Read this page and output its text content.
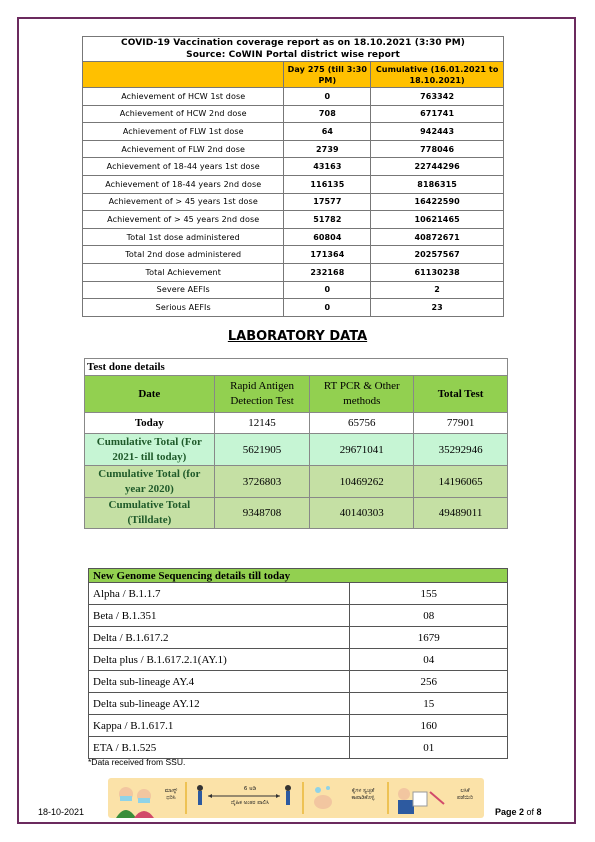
COVID-19 Vaccination coverage report as on 18.10.2021 (3:30 PM)
Source: CoWIN Portal district wise report		

	Day 275 (till 3:30 PM)	Cumulative (16.01.2021 to 18.10.2021)
Achievement of HCW 1st dose	0	763342
Achievement of HCW 2nd dose	708	671741
Achievement of FLW 1st dose	64	942443
Achievement of FLW 2nd dose	2739	778046
Achievement of 18-44 years 1st dose	43163	22744296
Achievement of 18-44 years 2nd dose	116135	8186315
Achievement of > 45 years 1st dose	17577	16422590
Achievement of > 45 years 2nd dose	51782	10621465
Total 1st dose administered	60804	40872671
Total 2nd dose administered	171364	20257567
Total Achievement	232168	61130238
Severe AEFIs	0	2
Serious AEFIs	0	23
LABORATORY DATA
Test done details			
Date	Rapid Antigen Detection Test	RT PCR & Other methods	Total Test
Today	12145	65756	77901
Cumulative Total (For 2021- till today)	5621905	29671041	35292946
Cumulative Total (for year 2020)	3726803	10469262	14196065
Cumulative Total (Tilldate)	9348708	40140303	49489011
New Genome Sequencing details till today	
Alpha / B.1.1.7	155
Beta / B.1.351	08
Delta / B.1.617.2	1679
Delta plus / B.1.617.2.1(AY.1)	04
Delta sub-lineage AY.4	256
Delta sub-lineage AY.12	15
Kappa / B.1.617.1	160
ETA / B.1.525	01
*Data received from SSU.
ಮಾಸ್ಕ್
ಧರಿಸಿ
6 ಅಡಿ

ದೈಹಿಕ ಅಂತರ ಪಾಲಿಸಿ
ಕೈಗಳ ಸ್ವಚ್ಛತೆ
ಕಾಪಾಡಿಕೊಳ್ಳಿ
ಲಸಿಕೆ
ಪಡೆಯಿರಿ
18-10-2021	Page 2 of 8
